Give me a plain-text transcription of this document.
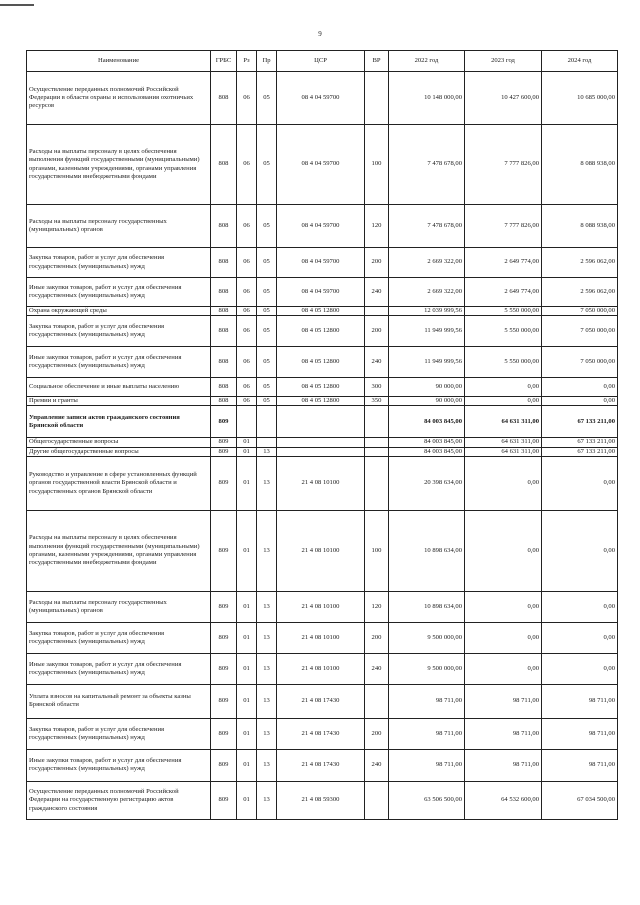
9
Наименование	ГРБС	Рз	Пр	ЦСР	ВР	2022 год	2023 год	2024 год
Осуществление переданных полномочий Российской Федерации в области охраны и использования охотничьих ресурсов	808	06	05	08 4 04 59700		10 148 000,00	10 427 600,00	10 685 000,00
Расходы на выплаты персоналу в целях обеспечения выполнения функций государственными (муниципальными) органами, казенными учреждениями, органами управления государственными внебюджетными фондами	808	06	05	08 4 04 59700	100	7 478 678,00	7 777 826,00	8 088 938,00
Расходы на выплаты персоналу государственных (муниципальных) органов	808	06	05	08 4 04 59700	120	7 478 678,00	7 777 826,00	8 088 938,00
Закупка товаров, работ и услуг для обеспечения государственных (муниципальных) нужд	808	06	05	08 4 04 59700	200	2 669 322,00	2 649 774,00	2 596 062,00
Иные закупки товаров, работ и услуг для обеспечения государственных (муниципальных) нужд	808	06	05	08 4 04 59700	240	2 669 322,00	2 649 774,00	2 596 062,00
Охрана окружающей среды	808	06	05	08 4 05 12800		12 039 999,56	5 550 000,00	7 050 000,00
Закупка товаров, работ и услуг для обеспечения государственных (муниципальных) нужд	808	06	05	08 4 05 12800	200	11 949 999,56	5 550 000,00	7 050 000,00
Иные закупки товаров, работ и услуг для обеспечения государственных (муниципальных) нужд	808	06	05	08 4 05 12800	240	11 949 999,56	5 550 000,00	7 050 000,00
Социальное обеспечение и иные выплаты населению	808	06	05	08 4 05 12800	300	90 000,00	0,00	0,00
Премии и гранты	808	06	05	08 4 05 12800	350	90 000,00	0,00	0,00
Управление записи актов гражданского состояния Брянской области	809					84 003 845,00	64 631 311,00	67 133 211,00
Общегосударственные вопросы	809	01				84 003 845,00	64 631 311,00	67 133 211,00
Другие общегосударственные вопросы	809	01	13			84 003 845,00	64 631 311,00	67 133 211,00
Руководство и управление в сфере установленных функций органов государственной власти Брянской области и государственных органов Брянской области	809	01	13	21 4 08 10100		20 398 634,00	0,00	0,00
Расходы на выплаты персоналу в целях обеспечения выполнения функций государственными (муниципальными) органами, казенными учреждениями, органами управления государственными внебюджетными фондами	809	01	13	21 4 08 10100	100	10 898 634,00	0,00	0,00
Расходы на выплаты персоналу государственных (муниципальных) органов	809	01	13	21 4 08 10100	120	10 898 634,00	0,00	0,00
Закупка товаров, работ и услуг для обеспечения государственных (муниципальных) нужд	809	01	13	21 4 08 10100	200	9 500 000,00	0,00	0,00
Иные закупки товаров, работ и услуг для обеспечения государственных (муниципальных) нужд	809	01	13	21 4 08 10100	240	9 500 000,00	0,00	0,00
Уплата взносов на капитальный ремонт за объекты казны Брянской области	809	01	13	21 4 08 17430		98 711,00	98 711,00	98 711,00
Закупка товаров, работ и услуг для обеспечения государственных (муниципальных) нужд	809	01	13	21 4 08 17430	200	98 711,00	98 711,00	98 711,00
Иные закупки товаров, работ и услуг для обеспечения государственных (муниципальных) нужд	809	01	13	21 4 08 17430	240	98 711,00	98 711,00	98 711,00
Осуществление переданных полномочий Российской Федерации на государственную регистрацию актов гражданского состояния	809	01	13	21 4 08 59300		63 506 500,00	64 532 600,00	67 034 500,00
